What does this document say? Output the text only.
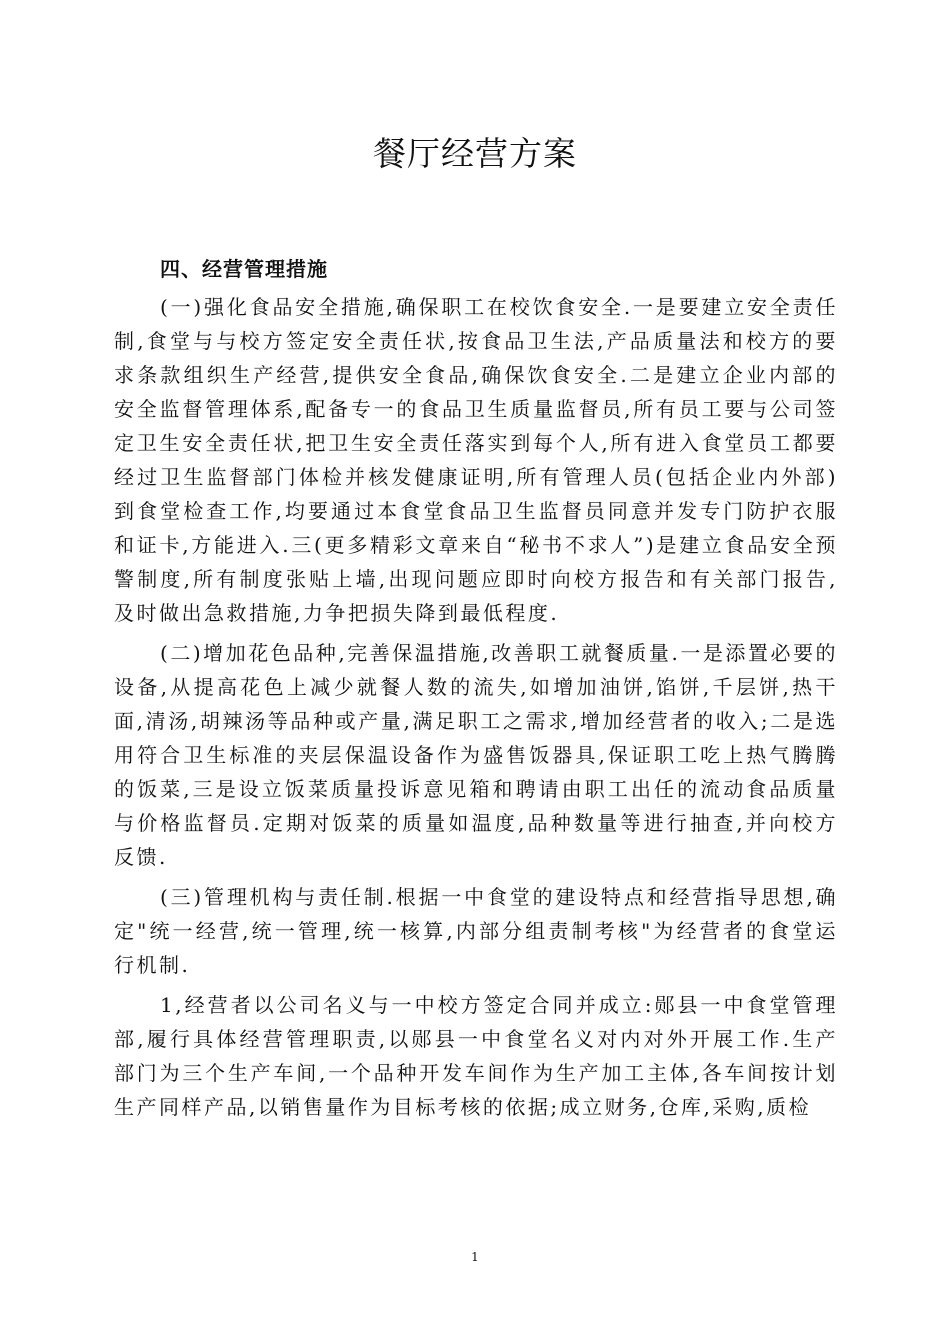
餐厅经营方案
四、经营管理措施

(一)强化食品安全措施,确保职工在校饮食安全.一是要建立安全责任制,食堂与与校方签定安全责任状,按食品卫生法,产品质量法和校方的要求条款组织生产经营,提供安全食品,确保饮食安全.二是建立企业内部的安全监督管理体系,配备专一的食品卫生质量监督员,所有员工要与公司签定卫生安全责任状,把卫生安全责任落实到每个人,所有进入食堂员工都要经过卫生监督部门体检并核发健康证明,所有管理人员(包括企业内外部)到食堂检查工作,均要通过本食堂食品卫生监督员同意并发专门防护衣服和证卡,方能进入.三(更多精彩文章来自“秘书不求人”)是建立食品安全预警制度,所有制度张贴上墙,出现问题应即时向校方报告和有关部门报告,及时做出急救措施,力争把损失降到最低程度.

(二)增加花色品种,完善保温措施,改善职工就餐质量.一是添置必要的设备,从提高花色上减少就餐人数的流失,如增加油饼,馅饼,千层饼,热干面,清汤,胡辣汤等品种或产量,满足职工之需求,增加经营者的收入;二是选用符合卫生标准的夹层保温设备作为盛售饭器具,保证职工吃上热气腾腾的饭菜,三是设立饭菜质量投诉意见箱和聘请由职工出任的流动食品质量与价格监督员.定期对饭菜的质量如温度,品种数量等进行抽查,并向校方反馈.

(三)管理机构与责任制.根据一中食堂的建设特点和经营指导思想,确定"统一经营,统一管理,统一核算,内部分组责制考核"为经营者的食堂运行机制.

1,经营者以公司名义与一中校方签定合同并成立:郧县一中食堂管理部,履行具体经营管理职责,以郧县一中食堂名义对内对外开展工作.生产部门为三个生产车间,一个品种开发车间作为生产加工主体,各车间按计划生产同样产品,以销售量作为目标考核的依据;成立财务,仓库,采购,质检

1
